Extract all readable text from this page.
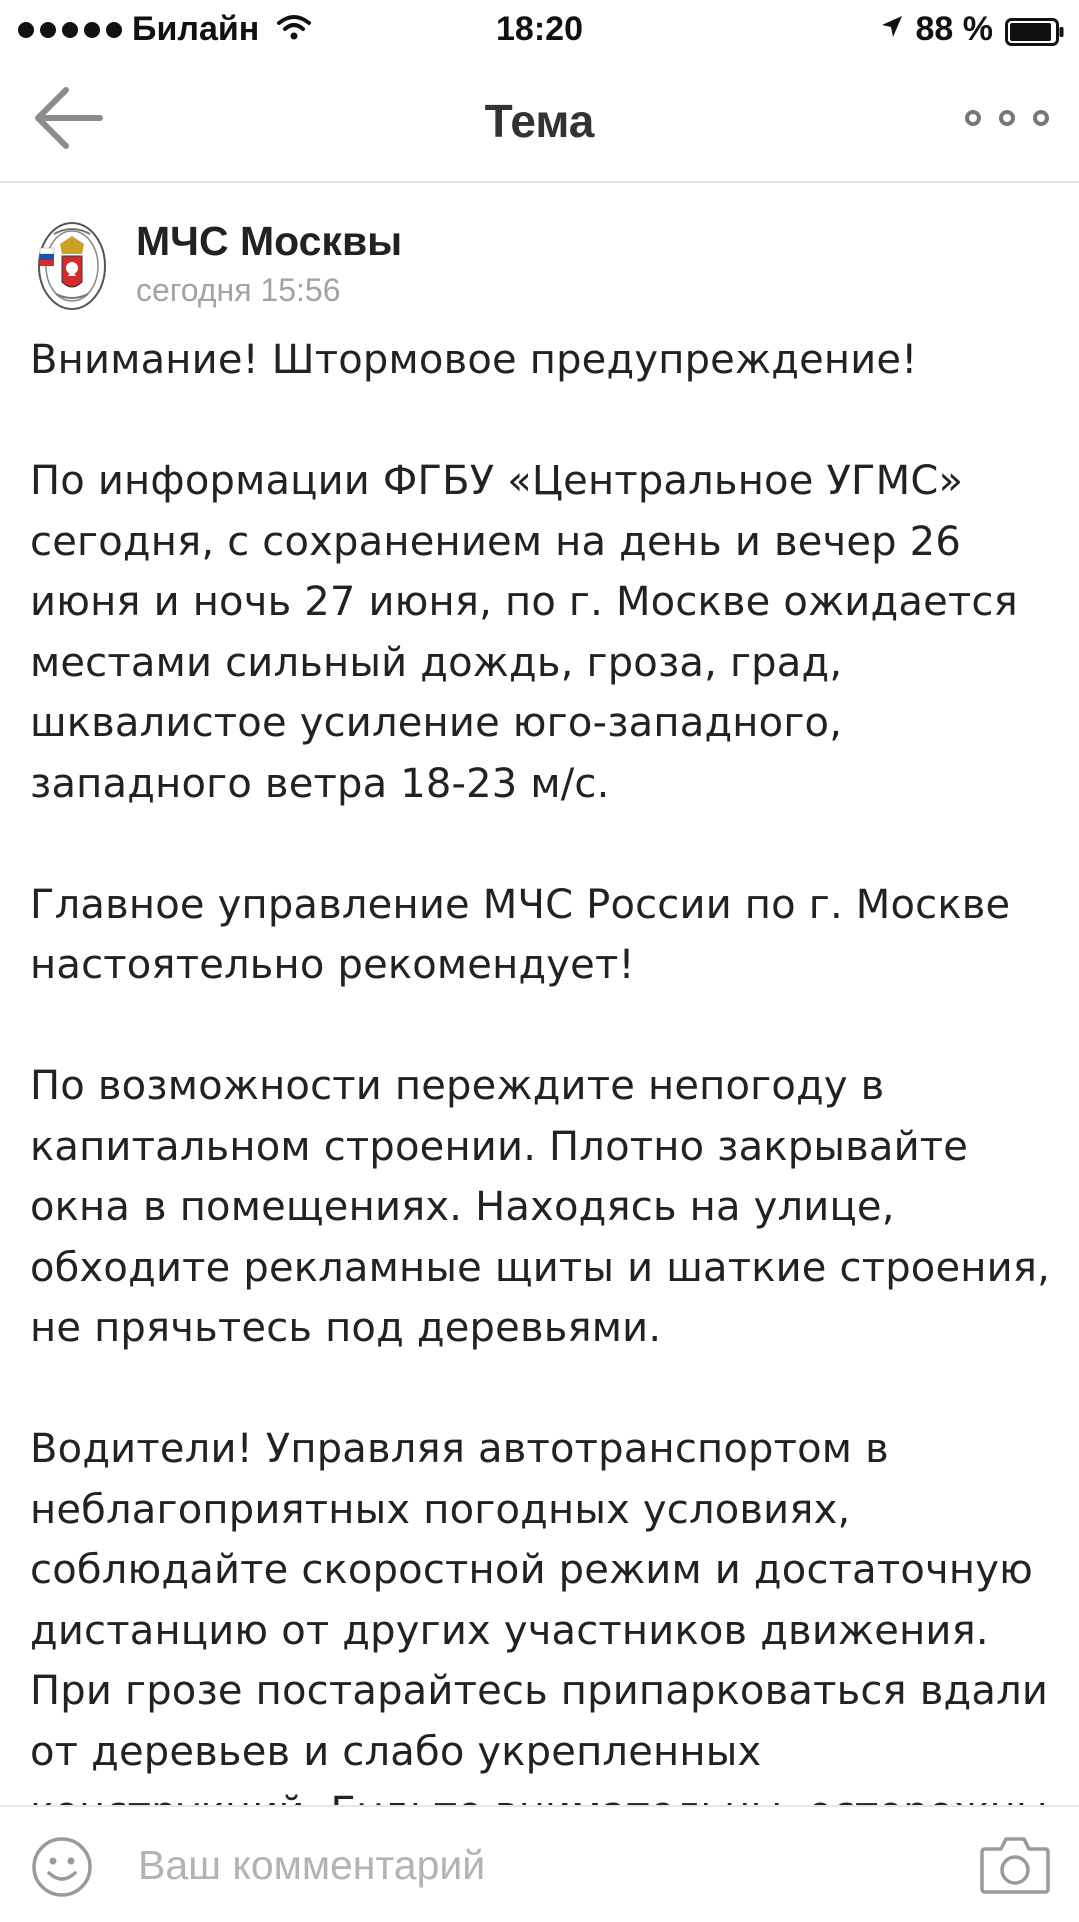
Билайн	18:20	88 %
Тема
МЧС Москвы
сегодня 15:56

Внимание! Штормовое предупреждение!

По информации ФГБУ «Центральное УГМС» сегодня, с сохранением на день и вечер 26 июня и ночь 27 июня, по г. Москве ожидается местами сильный дождь, гроза, град, шквалистое усиление юго-западного, западного ветра 18-23 м/с.

Главное управление МЧС России по г. Москве настоятельно рекомендует!

По возможности переждите непогоду в капитальном строении. Плотно закрывайте окна в помещениях. Находясь на улице, обходите рекламные щиты и шаткие строения, не прячьтесь под деревьями.

Водители! Управляя автотранспортом в неблагоприятных погодных условиях, соблюдайте скоростной режим и достаточную дистанцию от других участников движения. При грозе постарайтесь припарковаться вдали от деревьев и слабо укрепленных

Ваш комментарий
